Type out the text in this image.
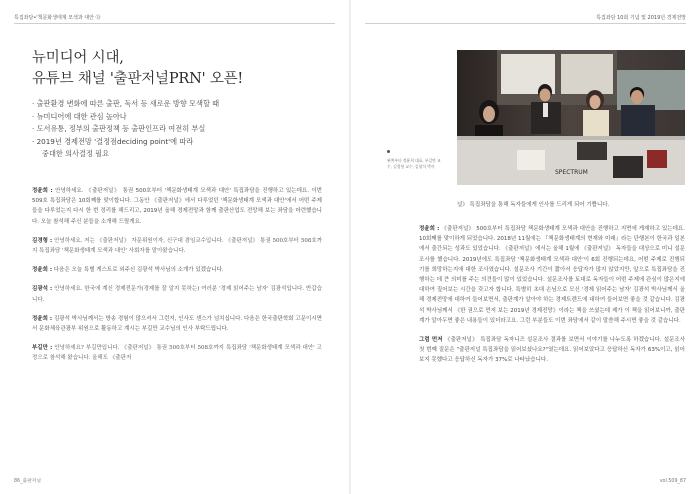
특집좌담•'책문화생태계 모색과 대안 ⑬
뉴미디어 시대,
유튜브 채널 '출판저널PRN' 오픈!
· 출판환경 변화에 따른 출판, 독서 등 새로운 방향 모색할 때
· 뉴미디어에 대한 관심 높아나
· 도서유통, 정부의 출판정책 등 출판인프라 여전히 부실
· 2019년 경제전망 '결정점deciding point'에 따라
중대한 의사결정 필요

정윤희 : 안녕하세요. 《출판저널》 통권 500호부터 '책문화생태계 모색과 대안' 특집좌담을 진행하고 있는데요. 이번 509호 특집좌담은 10회째를 맞이합니다. 그동안 《출판저널》에서 다루었던 '책문화생태계 모색과 대안'에서 어떤 주제들을 다루었는지 다시 한 번 정리를 해드리고, 2019년 올해 경제전망과 함께 출판산업도 전망해 보는 좌담을 마련했습니다. 오늘 참석해 주신 분들을 소개해 드릴게요.

김경형 : 안녕하세요. 저는 《출판저널》 자문위원이자, 신구대 겸임교수입니다. 《출판저널》 통권 500호부터 508호까지 특집좌담 '책문화생태계 모색과 대안' 사회자를 맡아왔습니다.

정윤희 : 다음은 오늘 특별 게스트로 외주신 김광석 박사님의 소개가 있겠습니다.

김광석 : 안녕하세요. 한국에 계신 경제전문가(경제를 잘 알지 못하는) 여러분 '경제 읽어주는 남자' 김광석입니다. 반갑습니다.

정윤희 : 김광석 박사님께서는 방송 경험이 많으셔서 그런지, 인사도 센스가 넘치십니다. 다음은 한국출판학회 고문이시면서 문화체육관광부 위원으로 활동하고 계시는 부길만 교수님의 인사 부탁드립니다.

부길만 : 안녕하세요? 부길만입니다. 《출판저널》 통권 500호부터 508호까지 특집좌담 '책문화생태계 모색과 대안' 고정으로 참석해 왔습니다. 올해도 《출판저

86_출판저널
특집좌담 10회 기념 및 2019년 경제전망
SPECTRUM
왼쪽부터 정윤희 대표, 부길만 교
수, 김경형 교수, 김광석 박사
널》 특집좌담을 통해 독자들에게 인사를 드리게 되어 기쁩니다.

정윤희 : 《출판저널》 500호부터 특집좌담 책문화생태계 모색과 대안을 진행하고 지면에 게재하고 있는데요. 10회째를 맞이하게 되었습니다. 2018년 11월에는 『책문화생태계의 현재와 미래』라는 단행본이 한국과 일본에서 출간되는 성과도 있었습니다. 《출판저널》에서는 올해 1월에 《출판저널》 독자들을 대상으로 미니 설문조사를 했습니다. 2019년에도 특집좌담 '책문화생태계 모색과 대안'이 6회 진행되는데요, 어떤 주제로 진행되기를 희망하는지에 대한 조사였습니다. 설문조사 기간이 짧아서 응답자가 많지 않았지만, 앞으로 특집좌담을 진행하는 데 큰 의미를 주는 의견들이 많이 있었습니다. 설문조사를 토대로 독자들이 어떤 주제에 관심이 많은지에 대하여 짚어보는 시간을 갖고자 합니다. 특별히 초대 손님으로 모신 '경제 읽어주는 남자' 김광석 박사님께서 올해 경제전망에 대하여 들어보면서, 출판계가 알아야 하는 경제트렌드에 대하여 들어보면 좋을 것 같습니다. 김광석 박사님께서 《한 권으로 먼저 보는 2019년 경제전망》이라는 책을 쓰셨는데 제가 이 책을 읽어보니까, 출판계가 알아두면 좋은 내용들이 있더라고요. 그런 부분들도 이번 좌담에서 같이 말씀해 주시면 좋을 것 같습니다.

그럼 먼저 《출판저널》 특집좌담 독자니즈 설문조사 결과를 보면서 이야기를 나누도록 하겠습니다. 설문조사 첫 번째 질문은 "출판저널 특집좌담을 읽어보셨나요?"였는데요. 읽어보았다고 응답하신 독자가 63%이고, 읽어보지 못했다고 응답하신 독자가 37%로 나타났습니다.

vol.509_87
